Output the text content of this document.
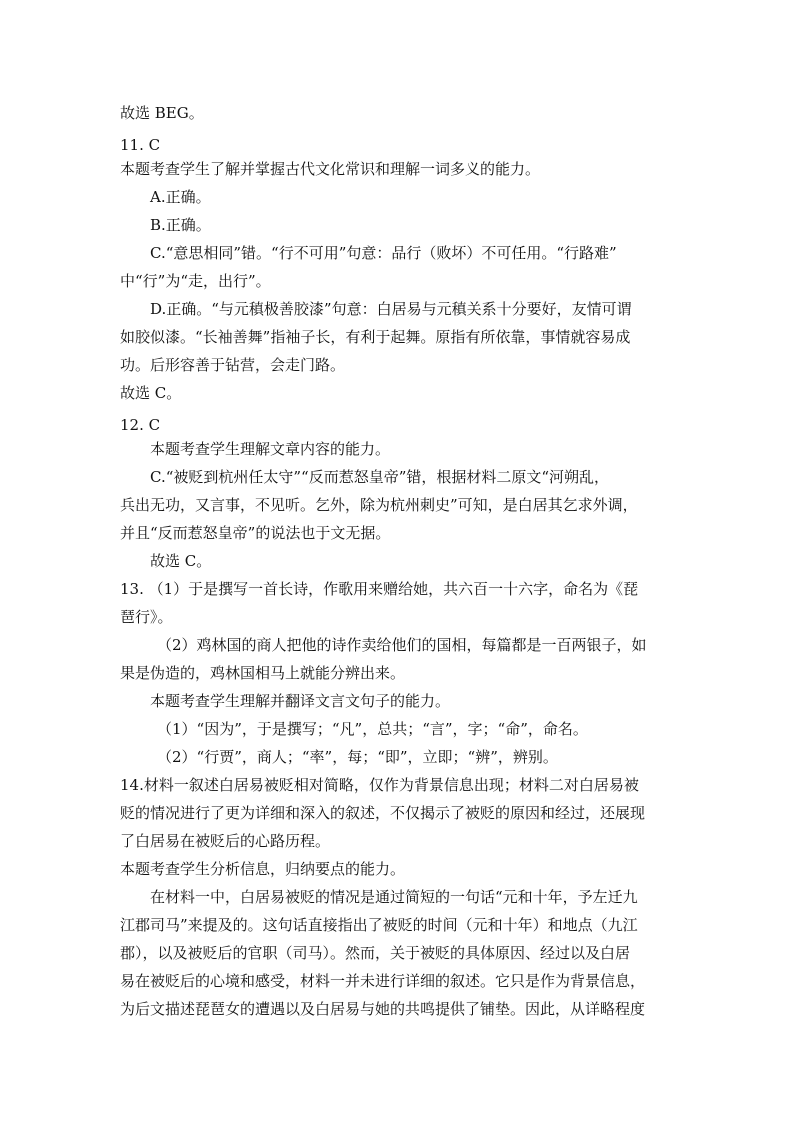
故选 BEG。
11. C
本题考查学生了解并掌握古代文化常识和理解一词多义的能力。
A.正确。
B.正确。
C.“意思相同”错。“行不可用”句意：品行（败坏）不可任用。“行路难”
中“行”为“走，出行”。
D.正确。“与元稹极善胶漆”句意：白居易与元稹关系十分要好，友情可谓
如胶似漆。“长袖善舞”指袖子长，有利于起舞。原指有所依靠，事情就容易成
功。后形容善于钻营，会走门路。
故选 C。
12. C
本题考查学生理解文章内容的能力。
C.“被贬到杭州任太守”“反而惹怒皇帝”错，根据材料二原文“河朔乱，
兵出无功，又言事，不见听。乞外，除为杭州刺史”可知，是白居其乞求外调，
并且“反而惹怒皇帝”的说法也于文无据。
故选 C。
13. （1）于是撰写一首长诗，作歌用来赠给她，共六百一十六字，命名为《琵
琶行》。
（2）鸡林国的商人把他的诗作卖给他们的国相，每篇都是一百两银子，如
果是伪造的，鸡林国相马上就能分辨出来。
本题考查学生理解并翻译文言文句子的能力。
（1）“因为”，于是撰写；“凡”，总共；“言”，字；“命”，命名。
（2）“行贾”，商人；“率”，每；“即”，立即；“辨”，辨别。
14.材料一叙述白居易被贬相对简略，仅作为背景信息出现；材料二对白居易被
贬的情况进行了更为详细和深入的叙述，不仅揭示了被贬的原因和经过，还展现
了白居易在被贬后的心路历程。
本题考查学生分析信息，归纳要点的能力。
在材料一中，白居易被贬的情况是通过简短的一句话“元和十年，予左迁九
江郡司马”来提及的。这句话直接指出了被贬的时间（元和十年）和地点（九江
郡），以及被贬后的官职（司马）。然而，关于被贬的具体原因、经过以及白居
易在被贬后的心境和感受，材料一并未进行详细的叙述。它只是作为背景信息，
为后文描述琵琶女的遭遇以及白居易与她的共鸣提供了铺垫。因此，从详略程度
